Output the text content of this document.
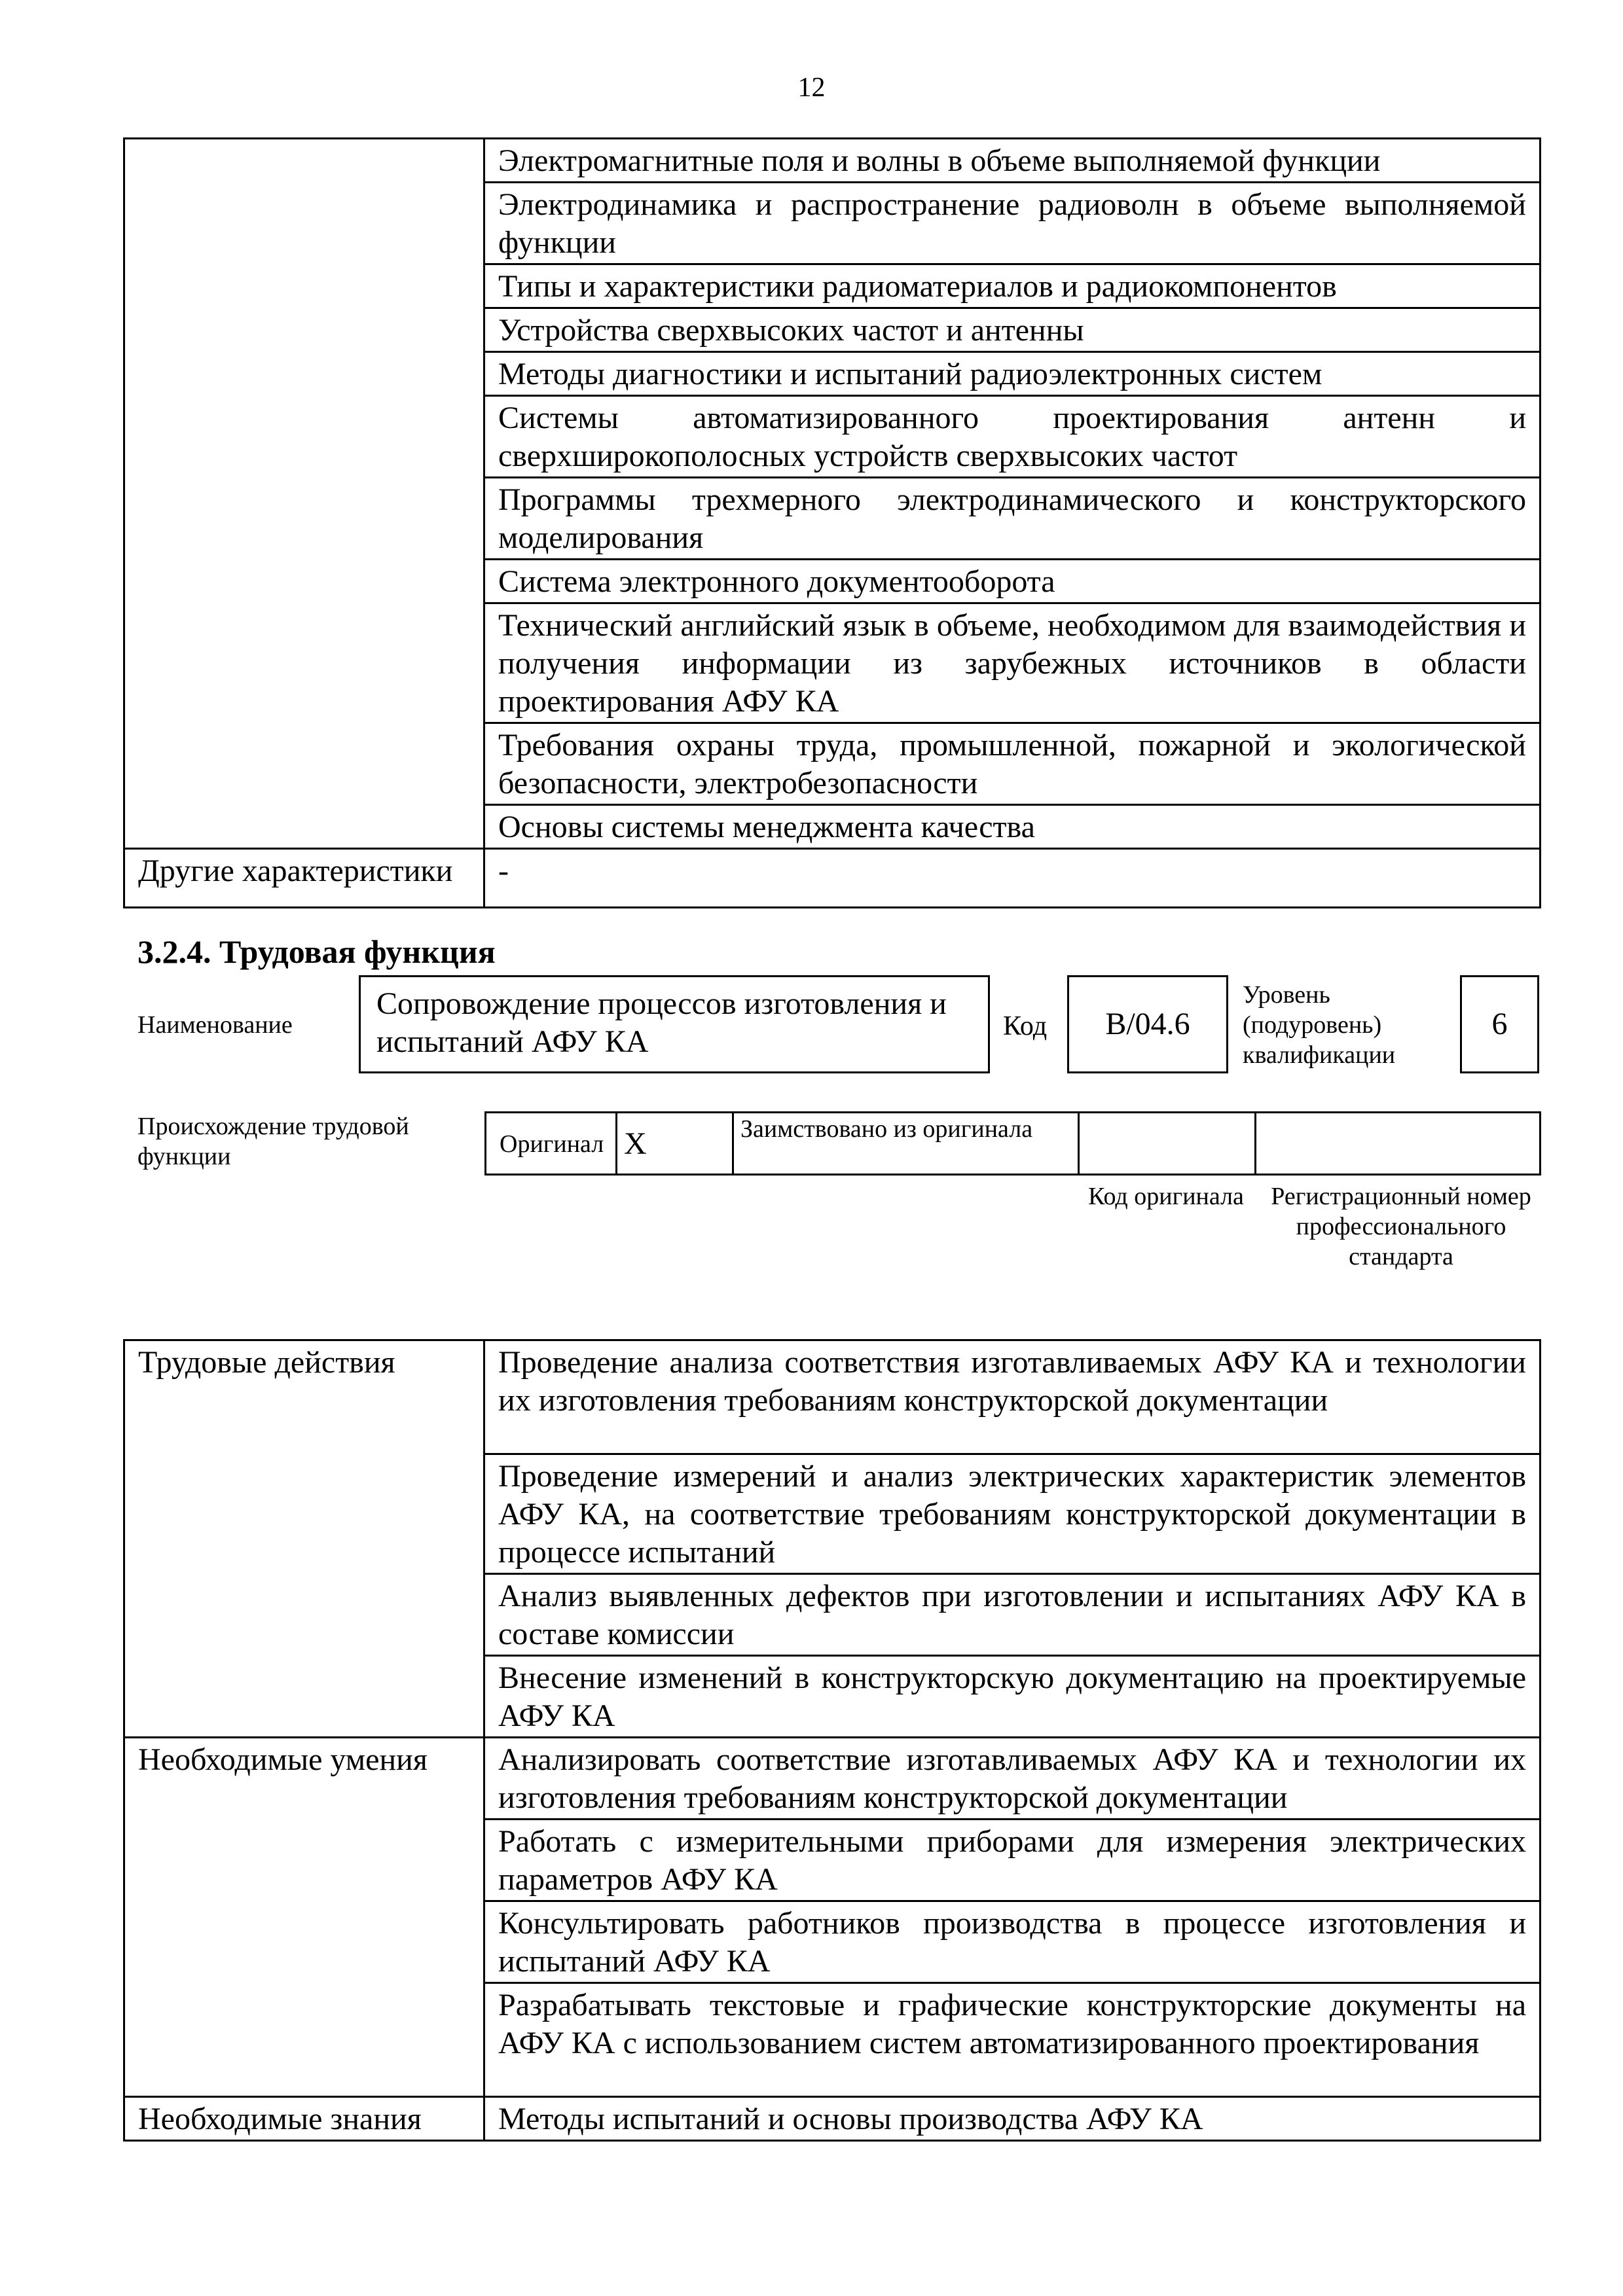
12
	Электромагнитные поля и волны в объеме выполняемой функции
	Электродинамика и распространение радиоволн в объеме выполняемой функции
	Типы и характеристики радиоматериалов и радиокомпонентов
	Устройства сверхвысоких частот и антенны
	Методы диагностики и испытаний радиоэлектронных систем
	Системы автоматизированного проектирования антенн и сверхширокополосных устройств сверхвысоких частот
	Программы трехмерного электродинамического и конструкторского моделирования
	Система электронного документооборота
	Технический английский язык в объеме, необходимом для взаимодействия и получения информации из зарубежных источников в области проектирования АФУ КА
	Требования охраны труда, промышленной, пожарной и экологической безопасности, электробезопасности
	Основы системы менеджмента качества
Другие характеристики	-
3.2.4. Трудовая функция
Наименование
Сопровождение процессов изготовления и испытаний АФУ КА	Код	B/04.6
Уровень (подуровень) квалификации
6
Происхождение трудовой функции	Оригинал	X	Заимствовано из оригинала		
Код оригинала	Регистрационный номер профессионального стандарта
Трудовые действия	Проведение анализа соответствия изготавливаемых АФУ КА и технологии их изготовления требованиям конструкторской документации
	Проведение измерений и анализ электрических характеристик элементов АФУ КА, на соответствие требованиям конструкторской документации в процессе испытаний
	Анализ выявленных дефектов при изготовлении и испытаниях АФУ КА в составе комиссии
	Внесение изменений в конструкторскую документацию на проектируемые АФУ КА
Необходимые умения	Анализировать соответствие изготавливаемых АФУ КА и технологии их изготовления требованиям конструкторской документации
	Работать с измерительными приборами для измерения электрических параметров АФУ КА
	Консультировать работников производства в процессе изготовления и испытаний АФУ КА
	Разрабатывать текстовые и графические конструкторские документы на АФУ КА с использованием систем автоматизированного проектирования
Необходимые знания	Методы испытаний и основы производства АФУ КА
